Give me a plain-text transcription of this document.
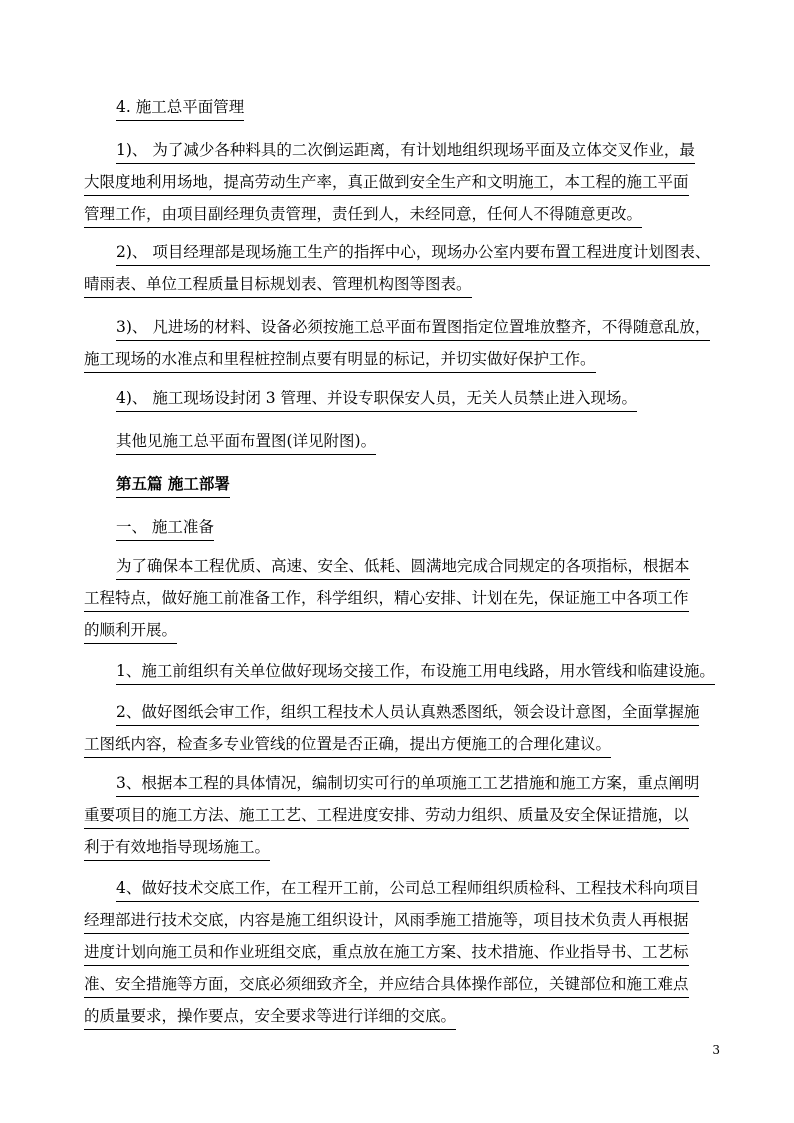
4. 施工总平面管理
1)、 为了减少各种料具的二次倒运距离，有计划地组织现场平面及立体交叉作业，最
大限度地利用场地，提高劳动生产率，真正做到安全生产和文明施工，本工程的施工平面
管理工作，由项目副经理负责管理，责任到人，未经同意，任何人不得随意更改。
2)、 项目经理部是现场施工生产的指挥中心，现场办公室内要布置工程进度计划图表、
晴雨表、单位工程质量目标规划表、管理机构图等图表。
3)、 凡进场的材料、设备必须按施工总平面布置图指定位置堆放整齐，不得随意乱放，
施工现场的水准点和里程桩控制点要有明显的标记，并切实做好保护工作。
4)、 施工现场设封闭 3 管理、并设专职保安人员，无关人员禁止进入现场。
其他见施工总平面布置图(详见附图)。
第五篇 施工部署
一、 施工准备
为了确保本工程优质、高速、安全、低耗、圆满地完成合同规定的各项指标，根据本
工程特点，做好施工前准备工作，科学组织，精心安排、计划在先，保证施工中各项工作
的顺利开展。
1、施工前组织有关单位做好现场交接工作，布设施工用电线路，用水管线和临建设施。
2、做好图纸会审工作，组织工程技术人员认真熟悉图纸，领会设计意图，全面掌握施
工图纸内容，检查多专业管线的位置是否正确，提出方便施工的合理化建议。
3、根据本工程的具体情况，编制切实可行的单项施工工艺措施和施工方案，重点阐明
重要项目的施工方法、施工工艺、工程进度安排、劳动力组织、质量及安全保证措施，以
利于有效地指导现场施工。
4、做好技术交底工作，在工程开工前，公司总工程师组织质检科、工程技术科向项目
经理部进行技术交底，内容是施工组织设计，风雨季施工措施等，项目技术负责人再根据
进度计划向施工员和作业班组交底，重点放在施工方案、技术措施、作业指导书、工艺标
准、安全措施等方面，交底必须细致齐全，并应结合具体操作部位，关键部位和施工难点
的质量要求，操作要点，安全要求等进行详细的交底。
3
